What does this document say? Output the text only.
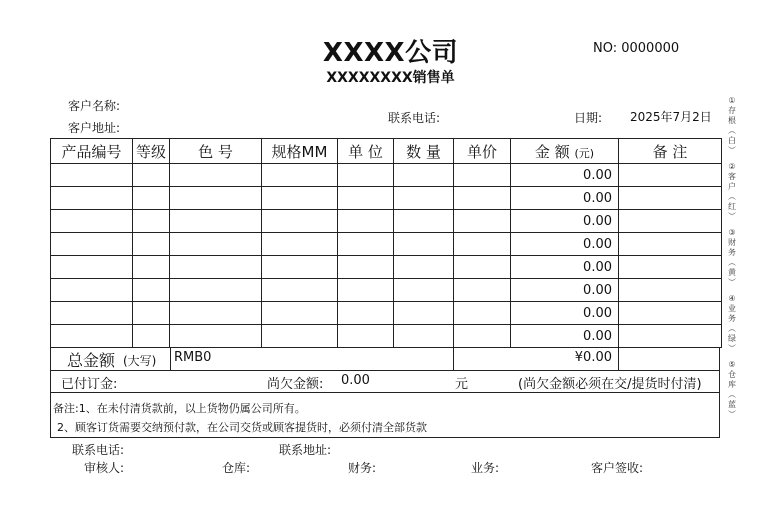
XXXX公司
XXXXXXXX销售单
NO: 0000000
客户名称:
客户地址:
联系电话:	日期: 2025年7月2日
产品编号	等级	色 号	规格MM	单 位	数 量	单价	金 额 (元)	备 注
							0.00	
							0.00	
							0.00	
							0.00	
							0.00	
							0.00	
							0.00	
							0.00	
总金额 (大写) RMB0	¥0.00
已付订金:	尚欠金额: 0.00	元	(尚欠金额必须在交/提货时付清)
备注:1、在未付清货款前，以上货物仍属公司所有。
2、顾客订货需要交纳预付款，在公司交货或顾客提货时，必须付清全部货款
联系电话:	联系地址:
审核人:	仓库:	财务:	业务:	客户签收:
①
存
根
︵
白
︶
②
客
户
︵
红
︶
③
财
务
︵
黄
︶
④
业
务
︵
绿
︶
⑤
仓
库
︵
蓝
︶
